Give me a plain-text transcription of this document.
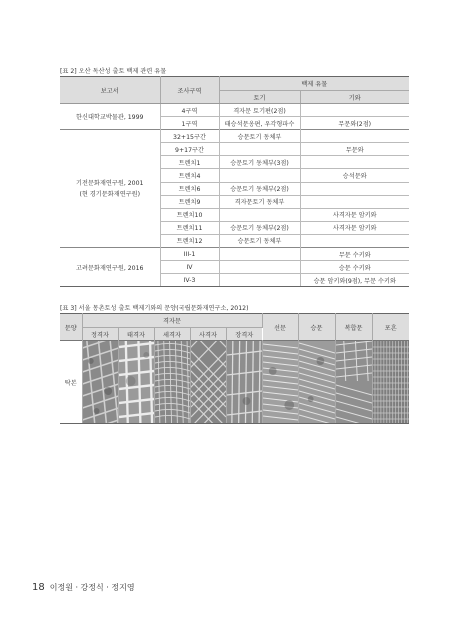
[표 2] 오산 독산성 출토 백제 관련 유물
보고서	조사구역	백제 유물	
		토기	기와
한신대학교박물관, 1999	4구역	격자문 토기편(2점)	
	1구역	태승석문옹편, 우각형파수	무문와(2점)
기전문화재연구원, 2001
(현 경기문화재연구원)	32+15구간	승문토기 동체부	
	9+17구간		무문와
	트렌치1	승문토기 동체부(3점)	
	트렌치4		승석문와
	트렌치6	승문토기 동체부(2점)	
	트렌치9	격자문토기 동체부	
	트렌치10		사격자문 암키와
	트렌치11	승문토기 동체부(2점)	사격자문 암키와
	트렌치12	승문토기 동체부	
고려문화재연구원, 2016	III-1		무문 수키와
	IV		승문 수키와
	IV-3		승문 암키와(9점), 무문 수키와
[표 3] 서울 몽촌토성 출토 백제기와의 문양(국립문화재연구소, 2012)
문양	격자문					선문	승문	복합문	포흔
	정격자	태격자	세격자	사격자	장격자				
탁본	

18 이정원 · 강정식 · 정지영
